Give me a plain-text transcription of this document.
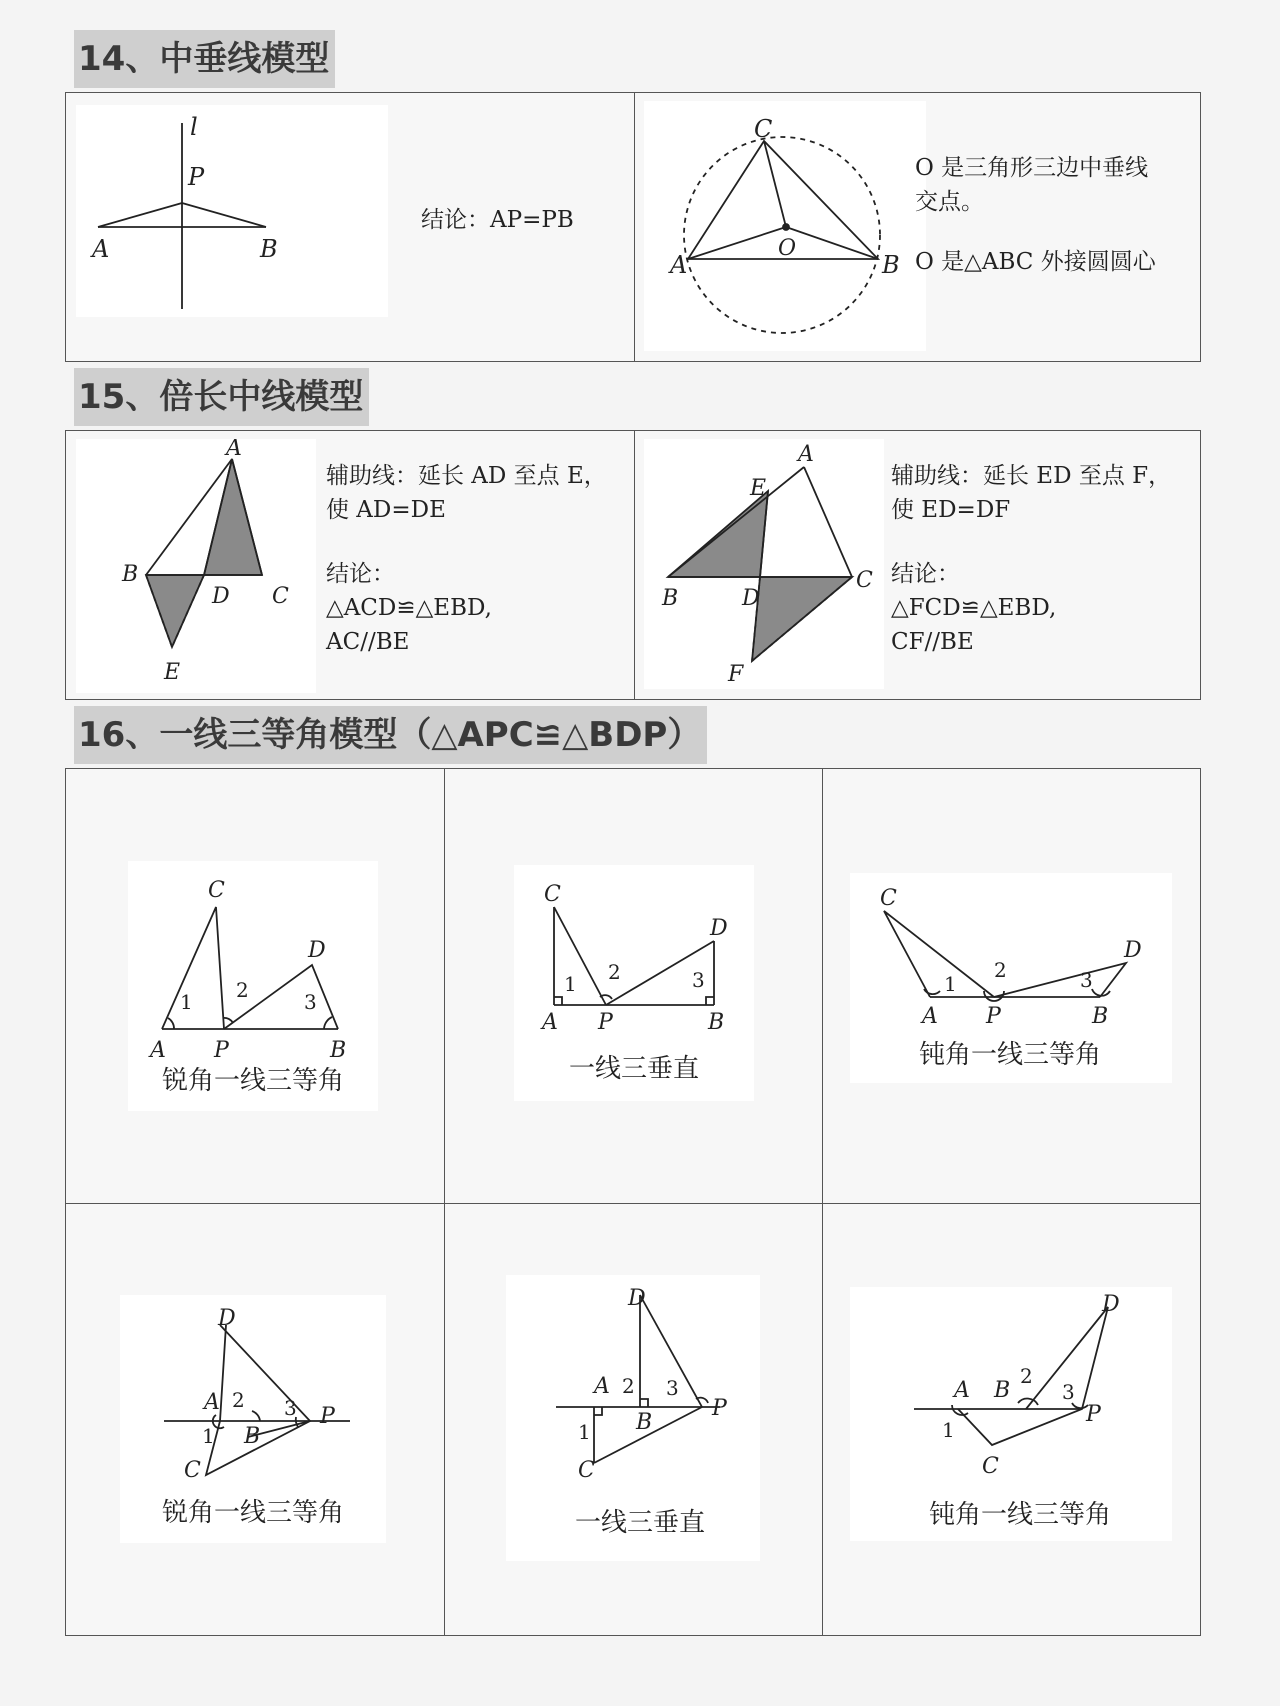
14、中垂线模型
l
P
A	B
结论：AP=PB
C
A	B
O
O 是三角形三边中垂线
交点。
O 是△ABC 外接圆圆心
15、倍长中线模型
A
B
C
D
E
辅助线：延长 AD 至点 E，
使 AD=DE
结论：
△ACD≌△EBD,
AC//BE
A
E
B	D
C
F
辅助线：延长 ED 至点 F，
使 ED=DF
结论：
△FCD≌△EBD,
CF//BE
16、一线三等角模型（△APC≌△BDP）
C
D
A P	B
1 2	3
锐角一线三等角
C
D
A P	B
1 2	3
一线三垂直
C
D
A P	B
1
2	3
钝角一线三等角
D
A
B
C
P
1
2 3
锐角一线三等角
D
A
B
C
P
1
2 3
一线三垂直
D
A B
C
P
1
2
3
钝角一线三等角
